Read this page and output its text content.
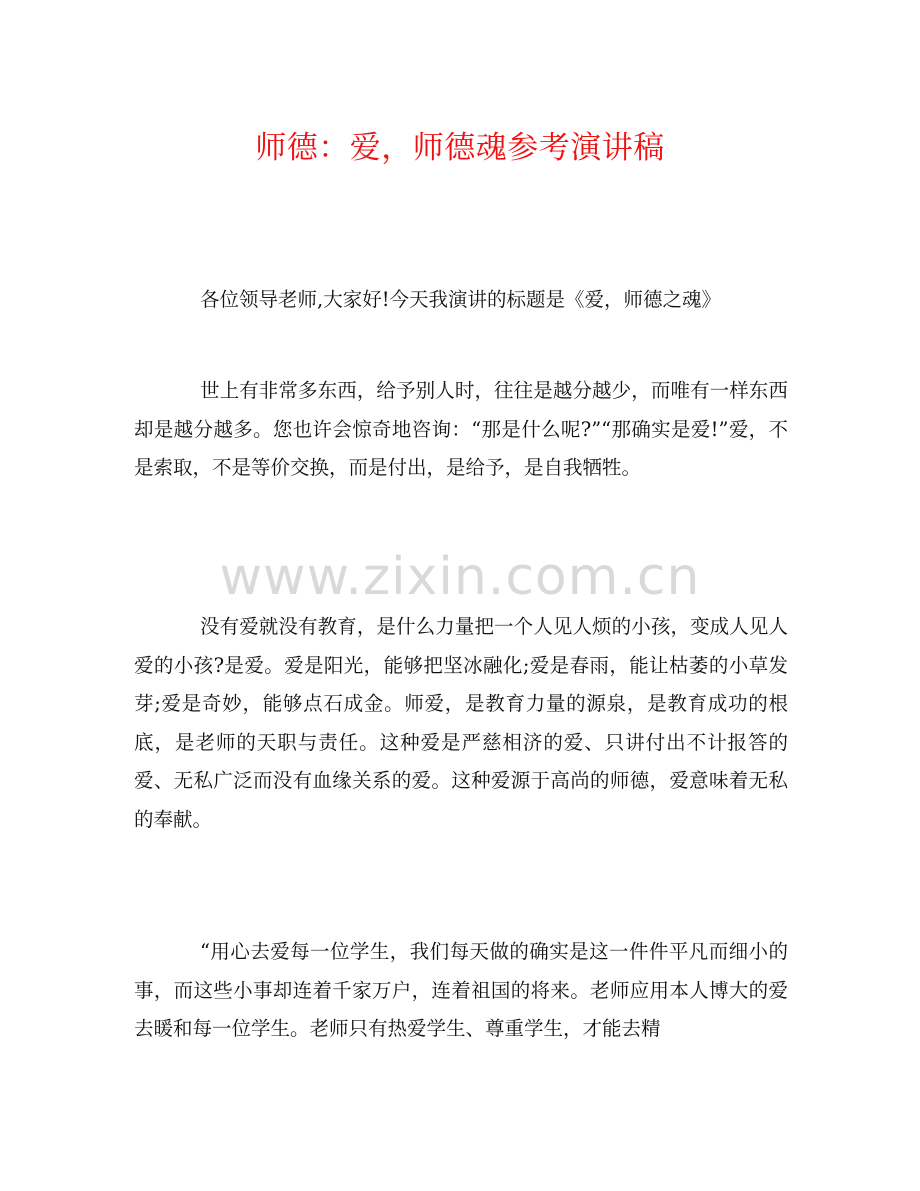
师德：爱，师德魂参考演讲稿

各位领导老师,大家好!今天我演讲的标题是《爱，师德之魂》

世上有非常多东西，给予别人时，往往是越分越少，而唯有一样东西却是越分越多。您也许会惊奇地咨询：“那是什么呢?”“那确实是爱!”爱，不是索取，不是等价交换，而是付出，是给予，是自我牺牲。

没有爱就没有教育，是什么力量把一个人见人烦的小孩，变成人见人爱的小孩?是爱。爱是阳光，能够把坚冰融化;爱是春雨，能让枯萎的小草发芽;爱是奇妙，能够点石成金。师爱，是教育力量的源泉，是教育成功的根底，是老师的天职与责任。这种爱是严慈相济的爱、只讲付出不计报答的爱、无私广泛而没有血缘关系的爱。这种爱源于高尚的师德，爱意味着无私的奉献。

“用心去爱每一位学生，我们每天做的确实是这一件件平凡而细小的事，而这些小事却连着千家万户，连着祖国的将来。老师应用本人博大的爱去暖和每一位学生。老师只有热爱学生、尊重学生，才能去精

www.zixin.com.cn
